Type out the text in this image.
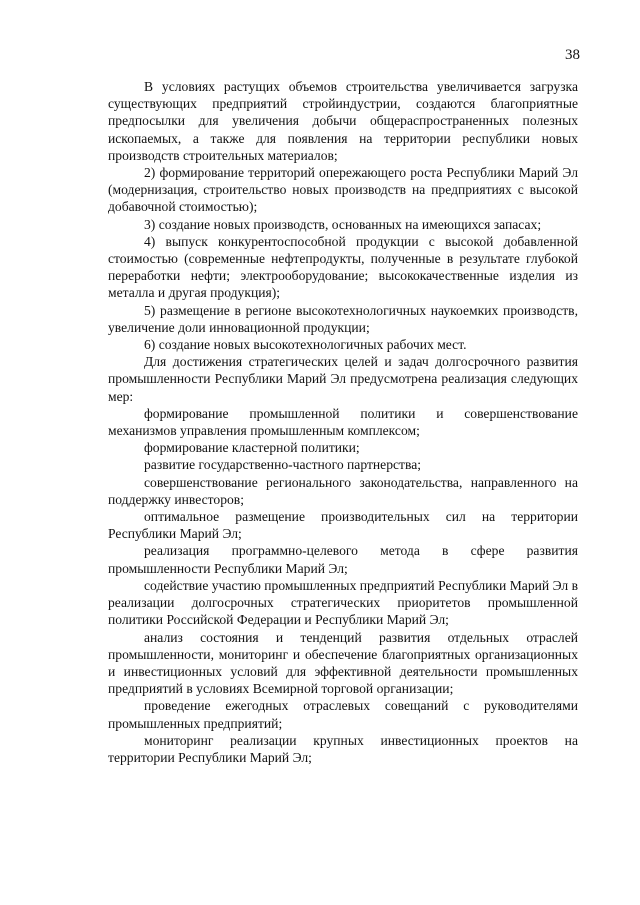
38

В условиях растущих объемов строительства увеличивается загрузка существующих предприятий стройиндустрии, создаются благоприятные предпосылки для увеличения добычи общераспространенных полезных ископаемых, а также для появления на территории республики новых производств строительных материалов;

2) формирование территорий опережающего роста Республики Марий Эл (модернизация, строительство новых производств на предприятиях с высокой добавочной стоимостью);

3) создание новых производств, основанных на имеющихся запасах;

4) выпуск конкурентоспособной продукции с высокой добавленной стоимостью (современные нефтепродукты, полученные в результате глубокой переработки нефти; электрооборудование; высококачественные изделия из металла и другая продукция);

5) размещение в регионе высокотехнологичных наукоемких производств, увеличение доли инновационной продукции;

6) создание новых высокотехнологичных рабочих мест.

Для достижения стратегических целей и задач долгосрочного развития промышленности Республики Марий Эл предусмотрена реализация следующих мер:

формирование промышленной политики и совершенствование механизмов управления промышленным комплексом;

формирование кластерной политики;

развитие государственно-частного партнерства;

совершенствование регионального законодательства, направленного на поддержку инвесторов;

оптимальное размещение производительных сил на территории Республики Марий Эл;

реализация программно-целевого метода в сфере развития промышленности Республики Марий Эл;

содействие участию промышленных предприятий Республики Марий Эл в реализации долгосрочных стратегических приоритетов промышленной политики Российской Федерации и Республики Марий Эл;

анализ состояния и тенденций развития отдельных отраслей промышленности, мониторинг и обеспечение благоприятных организационных и инвестиционных условий для эффективной деятельности промышленных предприятий в условиях Всемирной торговой организации;

проведение ежегодных отраслевых совещаний с руководителями промышленных предприятий;

мониторинг реализации крупных инвестиционных проектов на территории Республики Марий Эл;
